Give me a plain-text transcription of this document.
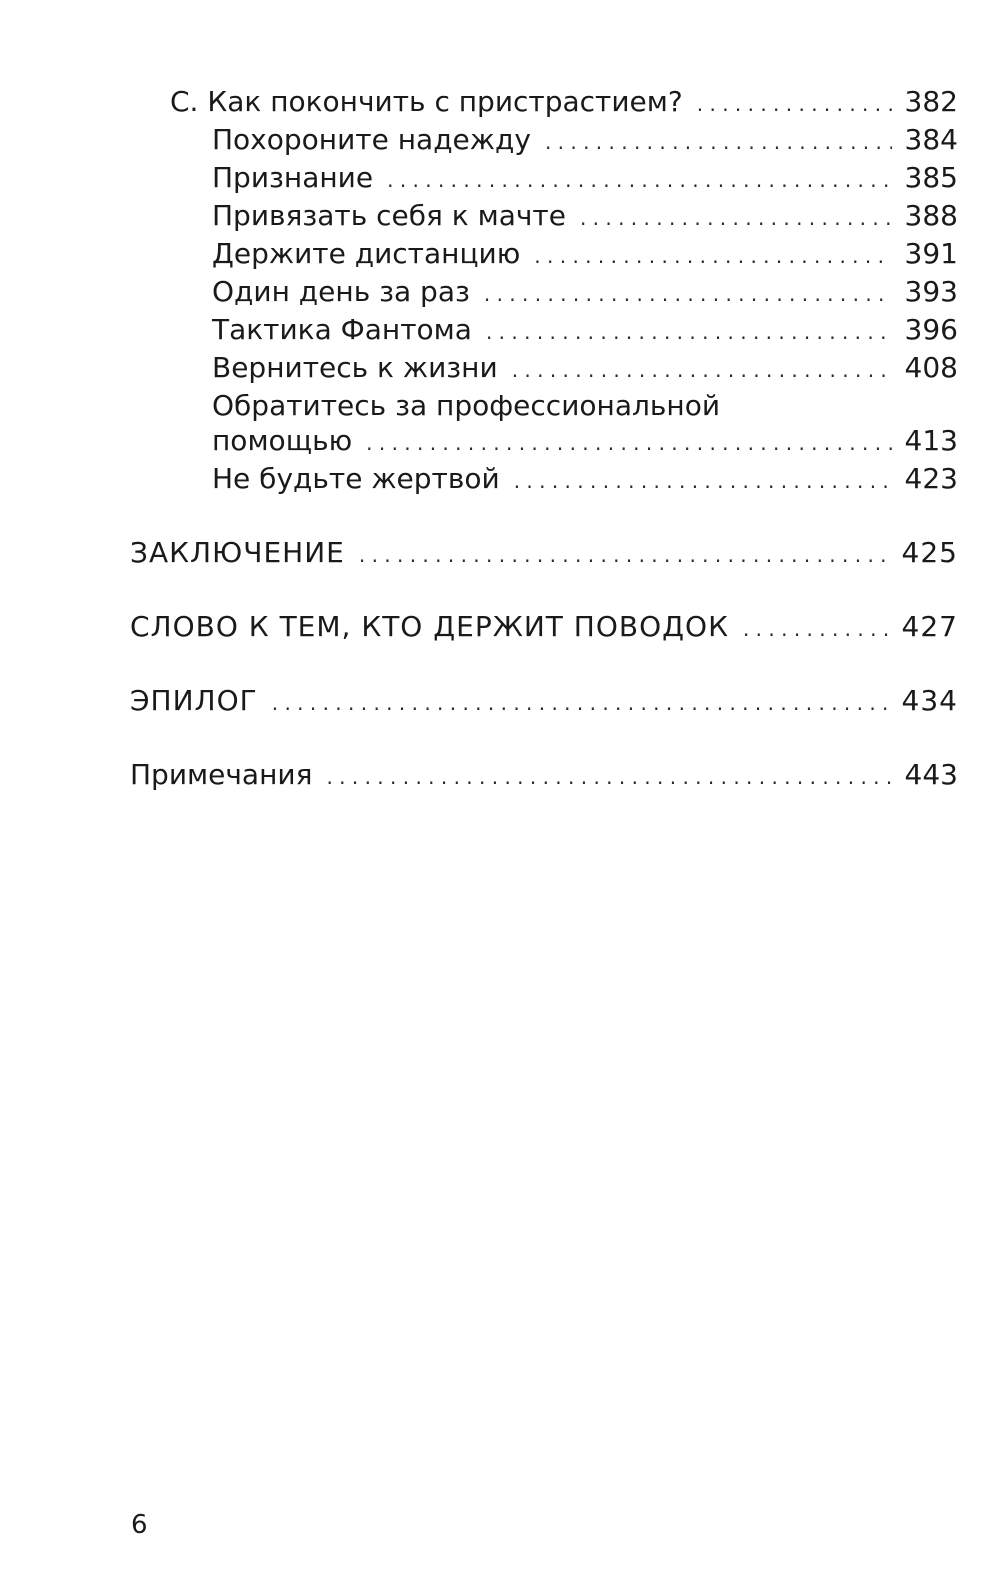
С. Как покончить с пристрастием? . . .	382
Похороните надежду . . .	384
Признание . . .	385
Привязать себя к мачте . . .	388
Держите дистанцию . . .	391
Один день за раз . . .	393
Тактика Фантома . . .	396
Вернитесь к жизни . . .	408
Обратитесь за профессиональной
помощью . . .	413
Не будьте жертвой . . .	423
ЗАКЛЮЧЕНИЕ . . .	425
СЛОВО К ТЕМ, КТО ДЕРЖИТ ПОВОДОК . . .	427
ЭПИЛОГ . . .	434
Примечания . . .	443
6
